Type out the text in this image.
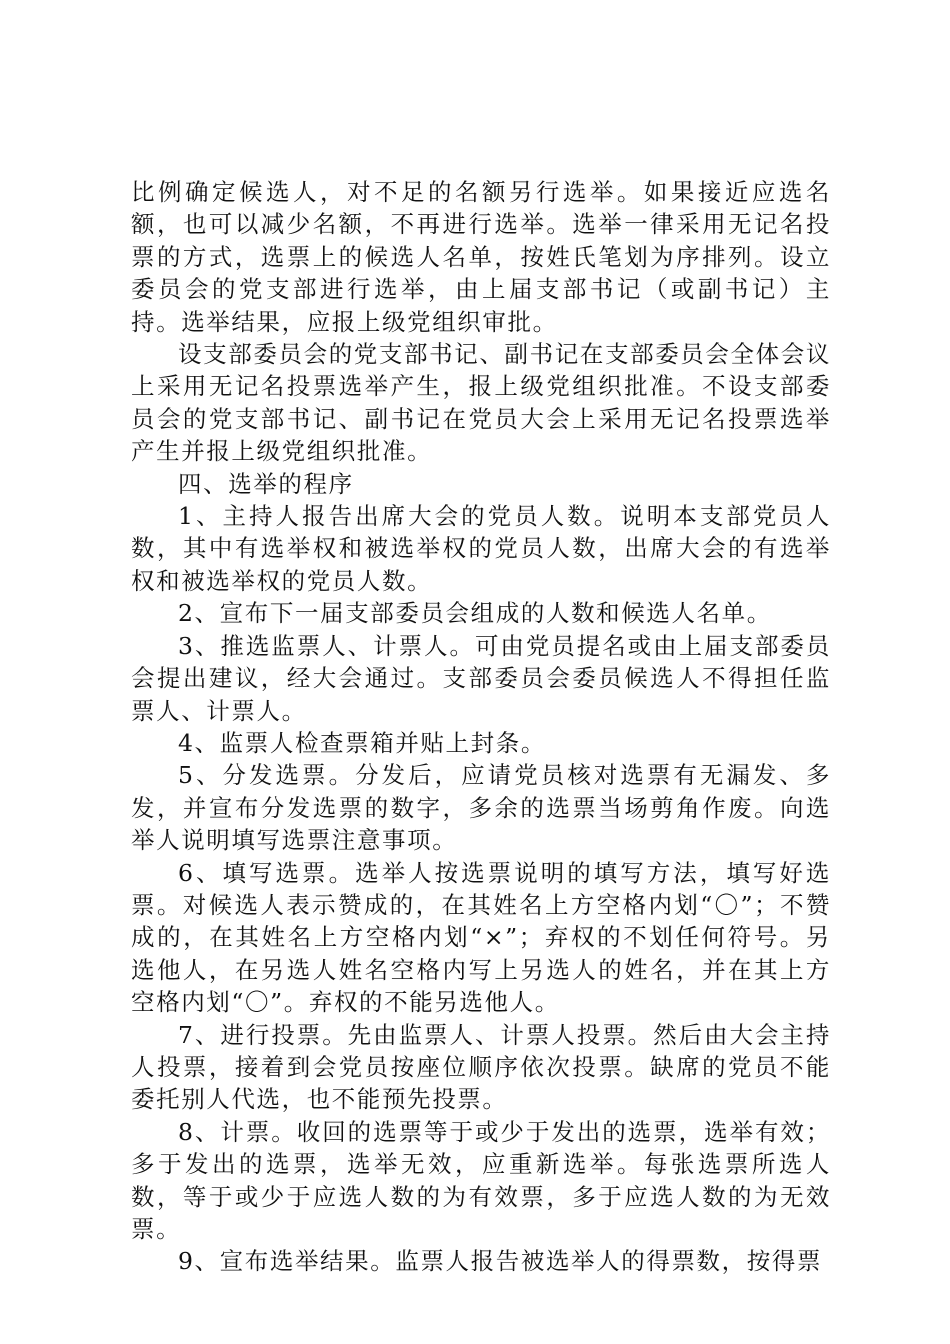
比例确定候选人，对不足的名额另行选举。如果接近应选名额，也可以减少名额，不再进行选举。选举一律采用无记名投票的方式，选票上的候选人名单，按姓氏笔划为序排列。设立委员会的党支部进行选举，由上届支部书记（或副书记）主持。选举结果，应报上级党组织审批。

设支部委员会的党支部书记、副书记在支部委员会全体会议上采用无记名投票选举产生，报上级党组织批准。不设支部委员会的党支部书记、副书记在党员大会上采用无记名投票选举产生并报上级党组织批准。

四、选举的程序

1、主持人报告出席大会的党员人数。说明本支部党员人数，其中有选举权和被选举权的党员人数，出席大会的有选举权和被选举权的党员人数。

2、宣布下一届支部委员会组成的人数和候选人名单。

3、推选监票人、计票人。可由党员提名或由上届支部委员会提出建议，经大会通过。支部委员会委员候选人不得担任监票人、计票人。

4、监票人检查票箱并贴上封条。

5、分发选票。分发后，应请党员核对选票有无漏发、多发，并宣布分发选票的数字，多余的选票当场剪角作废。向选举人说明填写选票注意事项。

6、填写选票。选举人按选票说明的填写方法，填写好选票。对候选人表示赞成的，在其姓名上方空格内划“〇”；不赞成的，在其姓名上方空格内划“×”；弃权的不划任何符号。另选他人，在另选人姓名空格内写上另选人的姓名，并在其上方空格内划“〇”。弃权的不能另选他人。

7、进行投票。先由监票人、计票人投票。然后由大会主持人投票，接着到会党员按座位顺序依次投票。缺席的党员不能委托别人代选，也不能预先投票。

8、计票。收回的选票等于或少于发出的选票，选举有效；多于发出的选票，选举无效，应重新选举。每张选票所选人数，等于或少于应选人数的为有效票，多于应选人数的为无效票。

9、宣布选举结果。监票人报告被选举人的得票数，按得票
